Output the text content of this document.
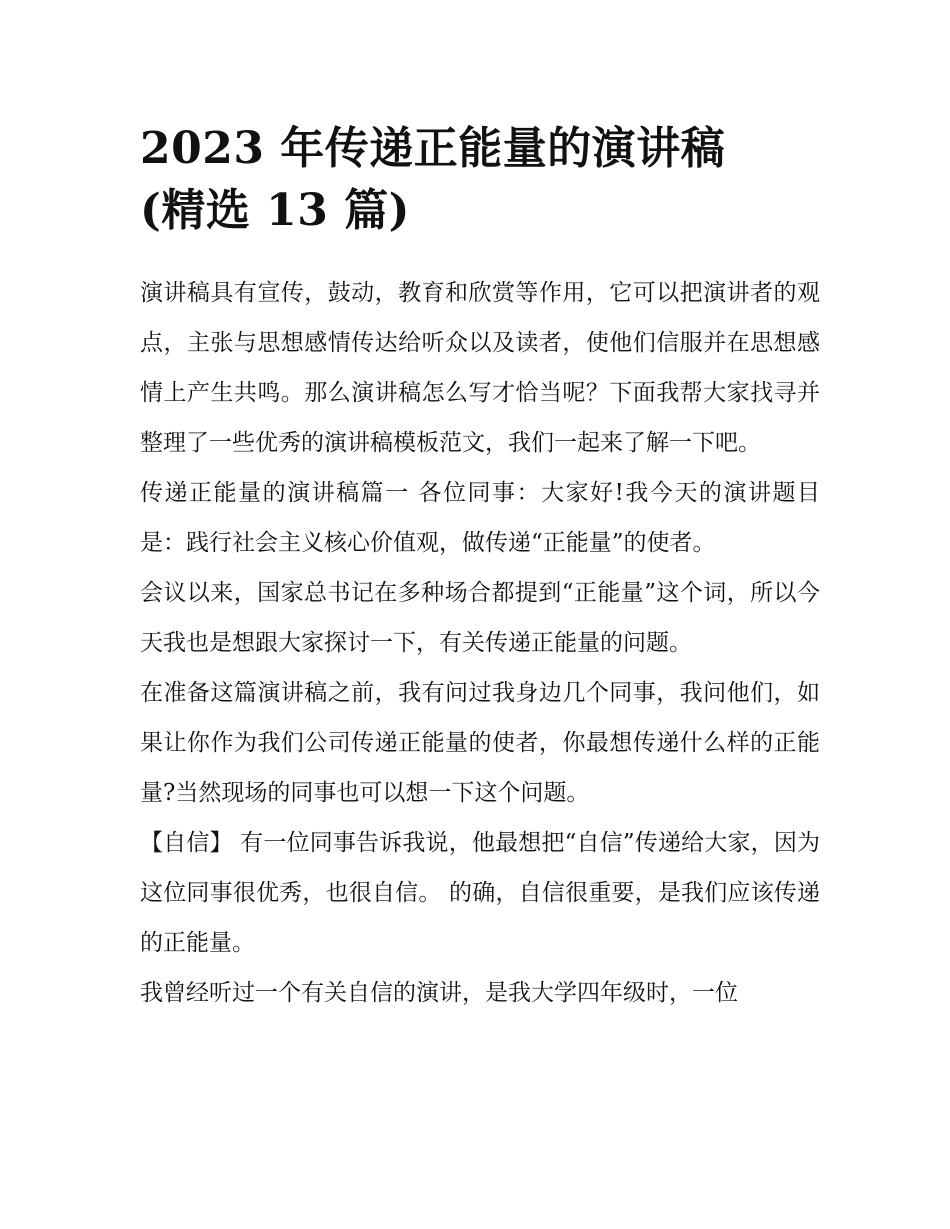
2023 年传递正能量的演讲稿
(精选 13 篇)

演讲稿具有宣传，鼓动，教育和欣赏等作用，它可以把演讲者的观点，主张与思想感情传达给听众以及读者，使他们信服并在思想感情上产生共鸣。那么演讲稿怎么写才恰当呢？下面我帮大家找寻并整理了一些优秀的演讲稿模板范文，我们一起来了解一下吧。

传递正能量的演讲稿篇一 各位同事：大家好!我今天的演讲题目是：践行社会主义核心价值观，做传递“正能量”的使者。

会议以来，国家总书记在多种场合都提到“正能量”这个词，所以今天我也是想跟大家探讨一下，有关传递正能量的问题。

在准备这篇演讲稿之前，我有问过我身边几个同事，我问他们，如果让你作为我们公司传递正能量的使者，你最想传递什么样的正能量?当然现场的同事也可以想一下这个问题。

【自信】 有一位同事告诉我说，他最想把“自信”传递给大家，因为这位同事很优秀，也很自信。 的确，自信很重要，是我们应该传递的正能量。

我曾经听过一个有关自信的演讲，是我大学四年级时，一位
